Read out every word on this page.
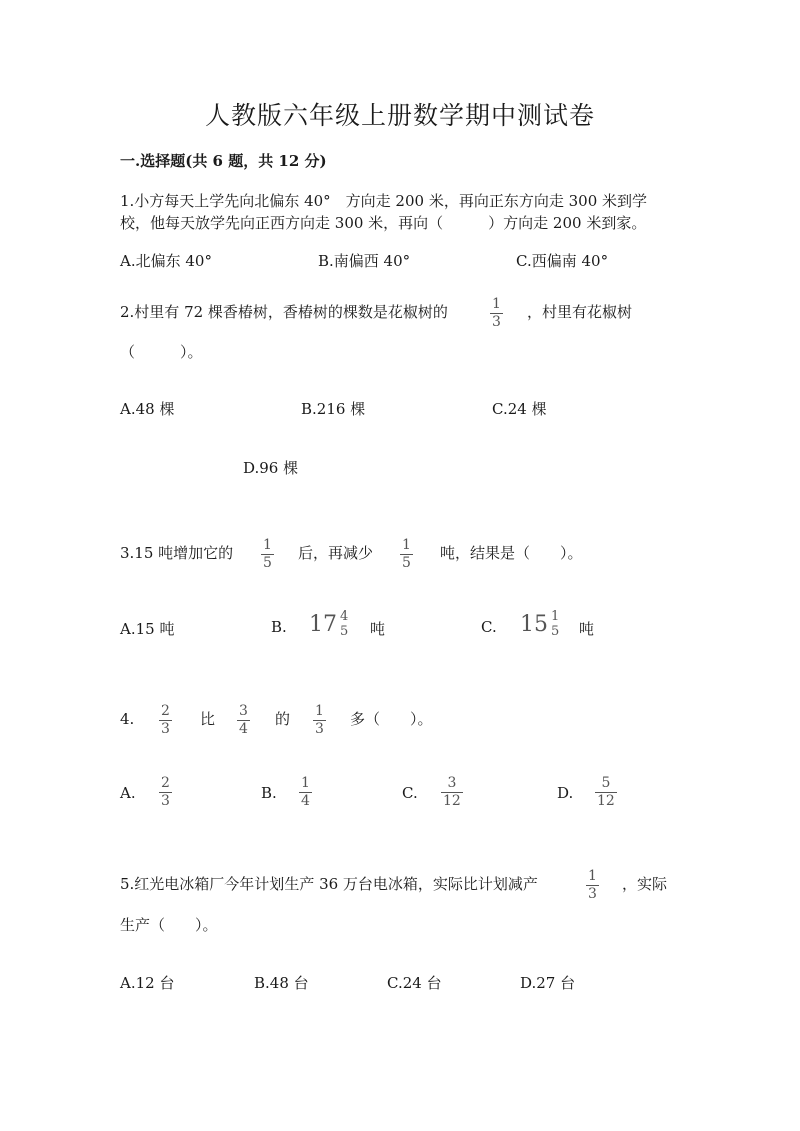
人教版六年级上册数学期中测试卷
一.选择题(共 6 题，共 12 分)
1.小方每天上学先向北偏东 40°　方向走 200 米，再向正东方向走 300 米到学
校，他每天放学先向正西方向走 300 米，再向（　　　）方向走 200 米到家。
A.北偏东 40°	B.南偏西 40°	C.西偏南 40°
2.村里有 72 棵香椿树，香椿树的棵数是花椒树的	1
3
，村里有花椒树
（　　　）。
A.48 棵	B.216 棵	C.24 棵
D.96 棵
3.15 吨增加它的 1
5
后，再减少 1
5
吨，结果是（　　）。
A.15 吨	B. 17 4
5 吨	C. 15 1
5 吨
4. 2
3
比 3
4
的 1
3
多（　　）。
A.
2
3	B.
1
4	C.
3
12	D.
5
12
5.红光电冰箱厂今年计划生产 36 万台电冰箱，实际比计划减产	1
3
，实际
生产（　　）。
A.12 台	B.48 台	C.24 台	D.27 台
